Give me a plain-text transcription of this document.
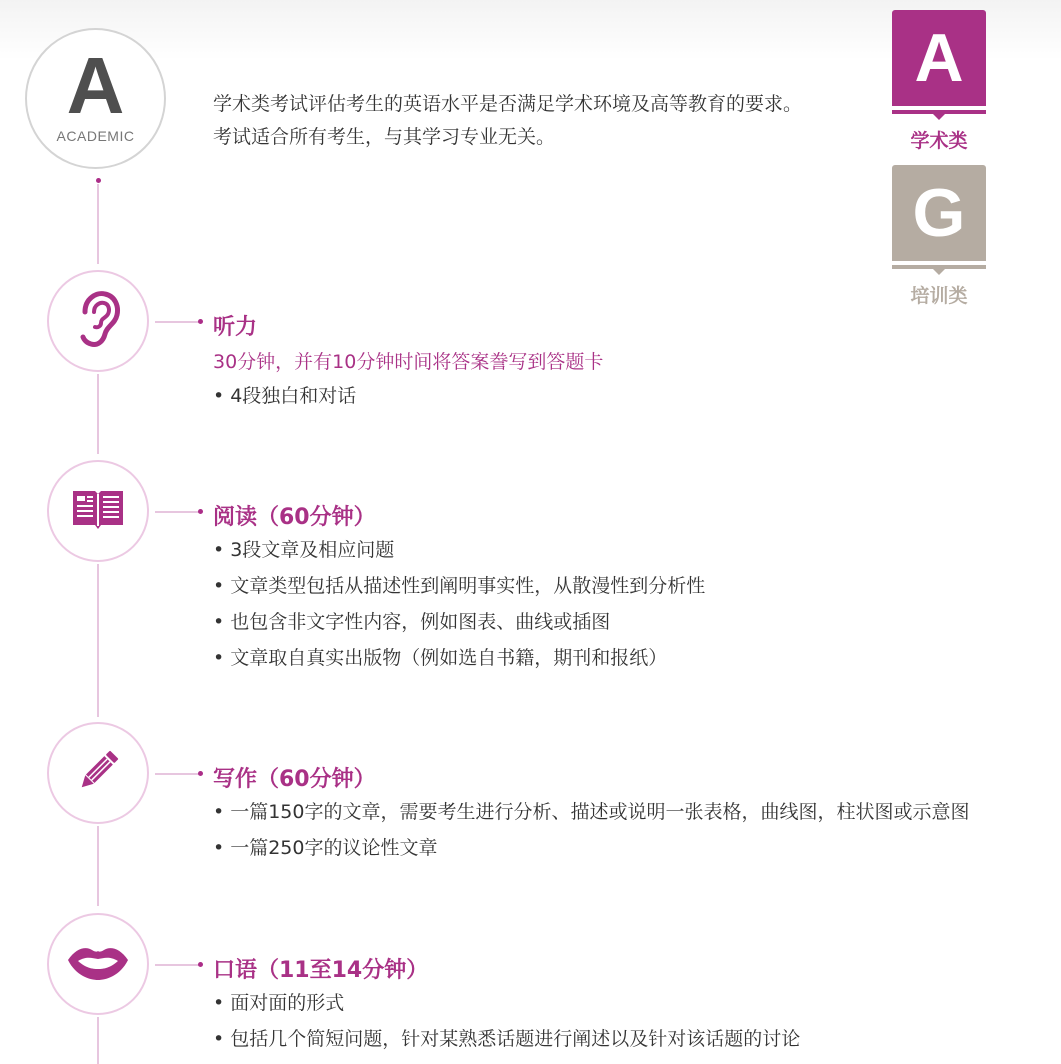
A
ACADEMIC
学术类考试评估考生的英语水平是否满足学术环境及高等教育的要求。
考试适合所有考生，与其学习专业无关。
A
学术类
G
培训类
听力
30分钟，并有10分钟时间将答案誊写到答题卡
• 4段独白和对话
阅读（60分钟）
• 3段文章及相应问题
• 文章类型包括从描述性到阐明事实性，从散漫性到分析性
• 也包含非文字性内容，例如图表、曲线或插图
• 文章取自真实出版物（例如选自书籍，期刊和报纸）
写作（60分钟）
• 一篇150字的文章，需要考生进行分析、描述或说明一张表格，曲线图，柱状图或示意图
• 一篇250字的议论性文章
口语（11至14分钟）
• 面对面的形式
• 包括几个简短问题，针对某熟悉话题进行阐述以及针对该话题的讨论
